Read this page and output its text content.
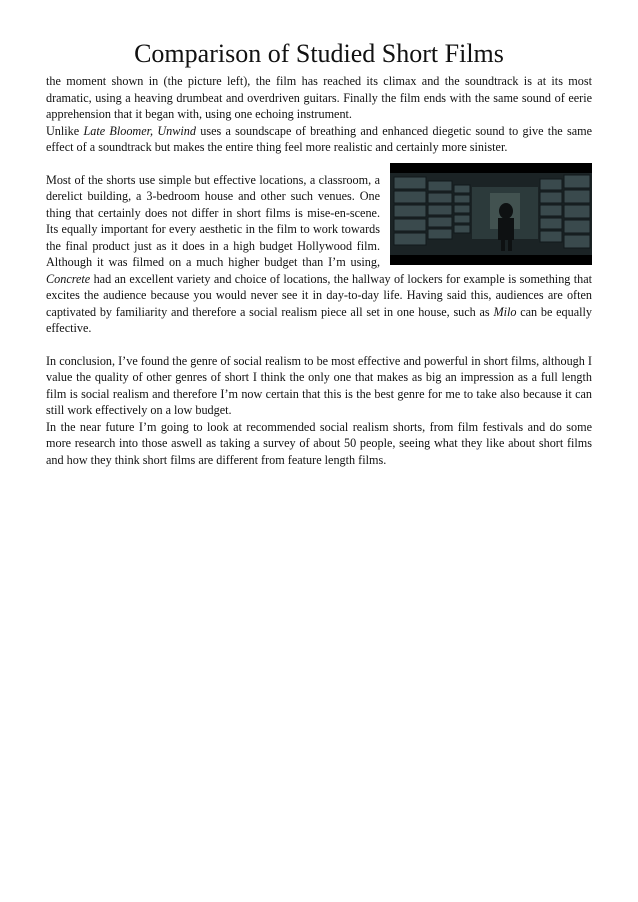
Comparison of Studied Short Films

the moment shown in (the picture left), the film has reached its climax and the soundtrack is at its most dramatic, using a heaving drumbeat and overdriven guitars. Finally the film ends with the same sound of eerie apprehension that it began with, using one echoing instrument.

Unlike Late Bloomer, Unwind uses a soundscape of breathing and enhanced diegetic sound to give the same effect of a soundtrack but makes the entire thing feel more realistic and certainly more sinister.

Most of the shorts use simple but effective locations, a classroom, a derelict building, a 3-bedroom house and other such venues. One thing that certainly does not differ in short films is mise-en-scene. Its equally important for every aesthetic in the film to work towards the final product just as it does in a high budget Hollywood film. Although it was filmed on a much higher budget than I’m using, Concrete had an excellent variety and choice of locations, the hallway of lockers for example is something that excites the audience because you would never see it in day-to-day life. Having said this, audiences are often captivated by familiarity and therefore a social realism piece all set in one house, such as Milo can be equally effective.

In conclusion, I’ve found the genre of social realism to be most effective and powerful in short films, although I value the quality of other genres of short I think the only one that makes as big an impression as a full length film is social realism and therefore I’m now certain that this is the best genre for me to take also because it can still work effectively on a low budget.

In the near future I’m going to look at recommended social realism shorts, from film festivals and do some more research into those aswell as taking a survey of about 50 people, seeing what they like about short films and how they think short films are different from feature length films.
